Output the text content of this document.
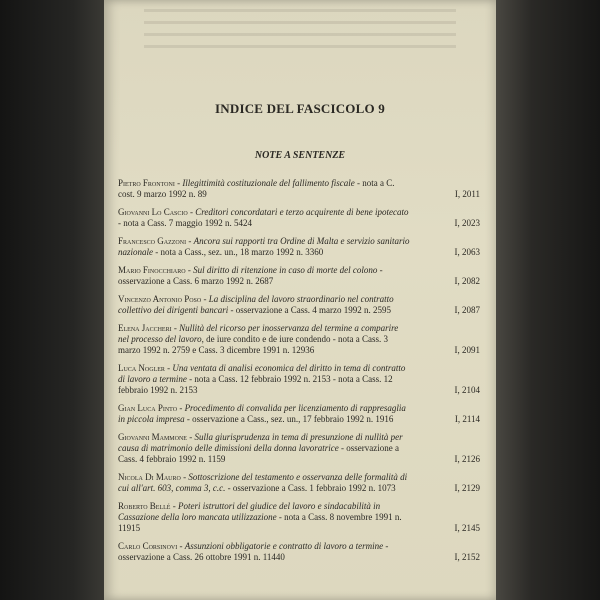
INDICE DEL FASCICOLO 9
NOTE A SENTENZE
Pietro Frontoni - Illegittimità costituzionale del fallimento fiscale - nota a C. cost. 9 marzo 1992 n. 89	I, 2011
Giovanni Lo Cascio - Creditori concordatari e terzo acquirente di bene ipotecato - nota a Cass. 7 maggio 1992 n. 5424	I, 2023
Francesco Gazzoni - Ancora sui rapporti tra Ordine di Malta e servizio sanitario nazionale - nota a Cass., sez. un., 18 marzo 1992 n. 3360	I, 2063
Mario Finocchiaro - Sul diritto di ritenzione in caso di morte del colono - osservazione a Cass. 6 marzo 1992 n. 2687	I, 2082
Vincenzo Antonio Poso - La disciplina del lavoro straordinario nel contratto collettivo dei dirigenti bancari - osservazione a Cass. 4 marzo 1992 n. 2595	I, 2087
Elena Jaccheri - Nullità del ricorso per inosservanza del termine a comparire nel processo del lavoro, de iure condito e de iure condendo - nota a Cass. 3 marzo 1992 n. 2759 e Cass. 3 dicembre 1991 n. 12936	I, 2091
Luca Nogler - Una ventata di analisi economica del diritto in tema di contratto di lavoro a termine - nota a Cass. 12 febbraio 1992 n. 2153 - nota a Cass. 12 febbraio 1992 n. 2153	I, 2104
Gian Luca Pinto - Procedimento di convalida per licenziamento di rappresaglia in piccola impresa - osservazione a Cass., sez. un., 17 febbraio 1992 n. 1916	I, 2114
Giovanni Mammone - Sulla giurisprudenza in tema di presunzione di nullità per causa di matrimonio delle dimissioni della donna lavoratrice - osservazione a Cass. 4 febbraio 1992 n. 1159	I, 2126
Nicola Di Mauro - Sottoscrizione del testamento e osservanza delle formalità di cui all'art. 603, comma 3, c.c. - osservazione a Cass. 1 febbraio 1992 n. 1073	I, 2129
Roberto Bellé - Poteri istruttori del giudice del lavoro e sindacabilità in Cassazione della loro mancata utilizzazione - nota a Cass. 8 novembre 1991 n. 11915	I, 2145
Carlo Corsinovi - Assunzioni obbligatorie e contratto di lavoro a termine - osservazione a Cass. 26 ottobre 1991 n. 11440	I, 2152
